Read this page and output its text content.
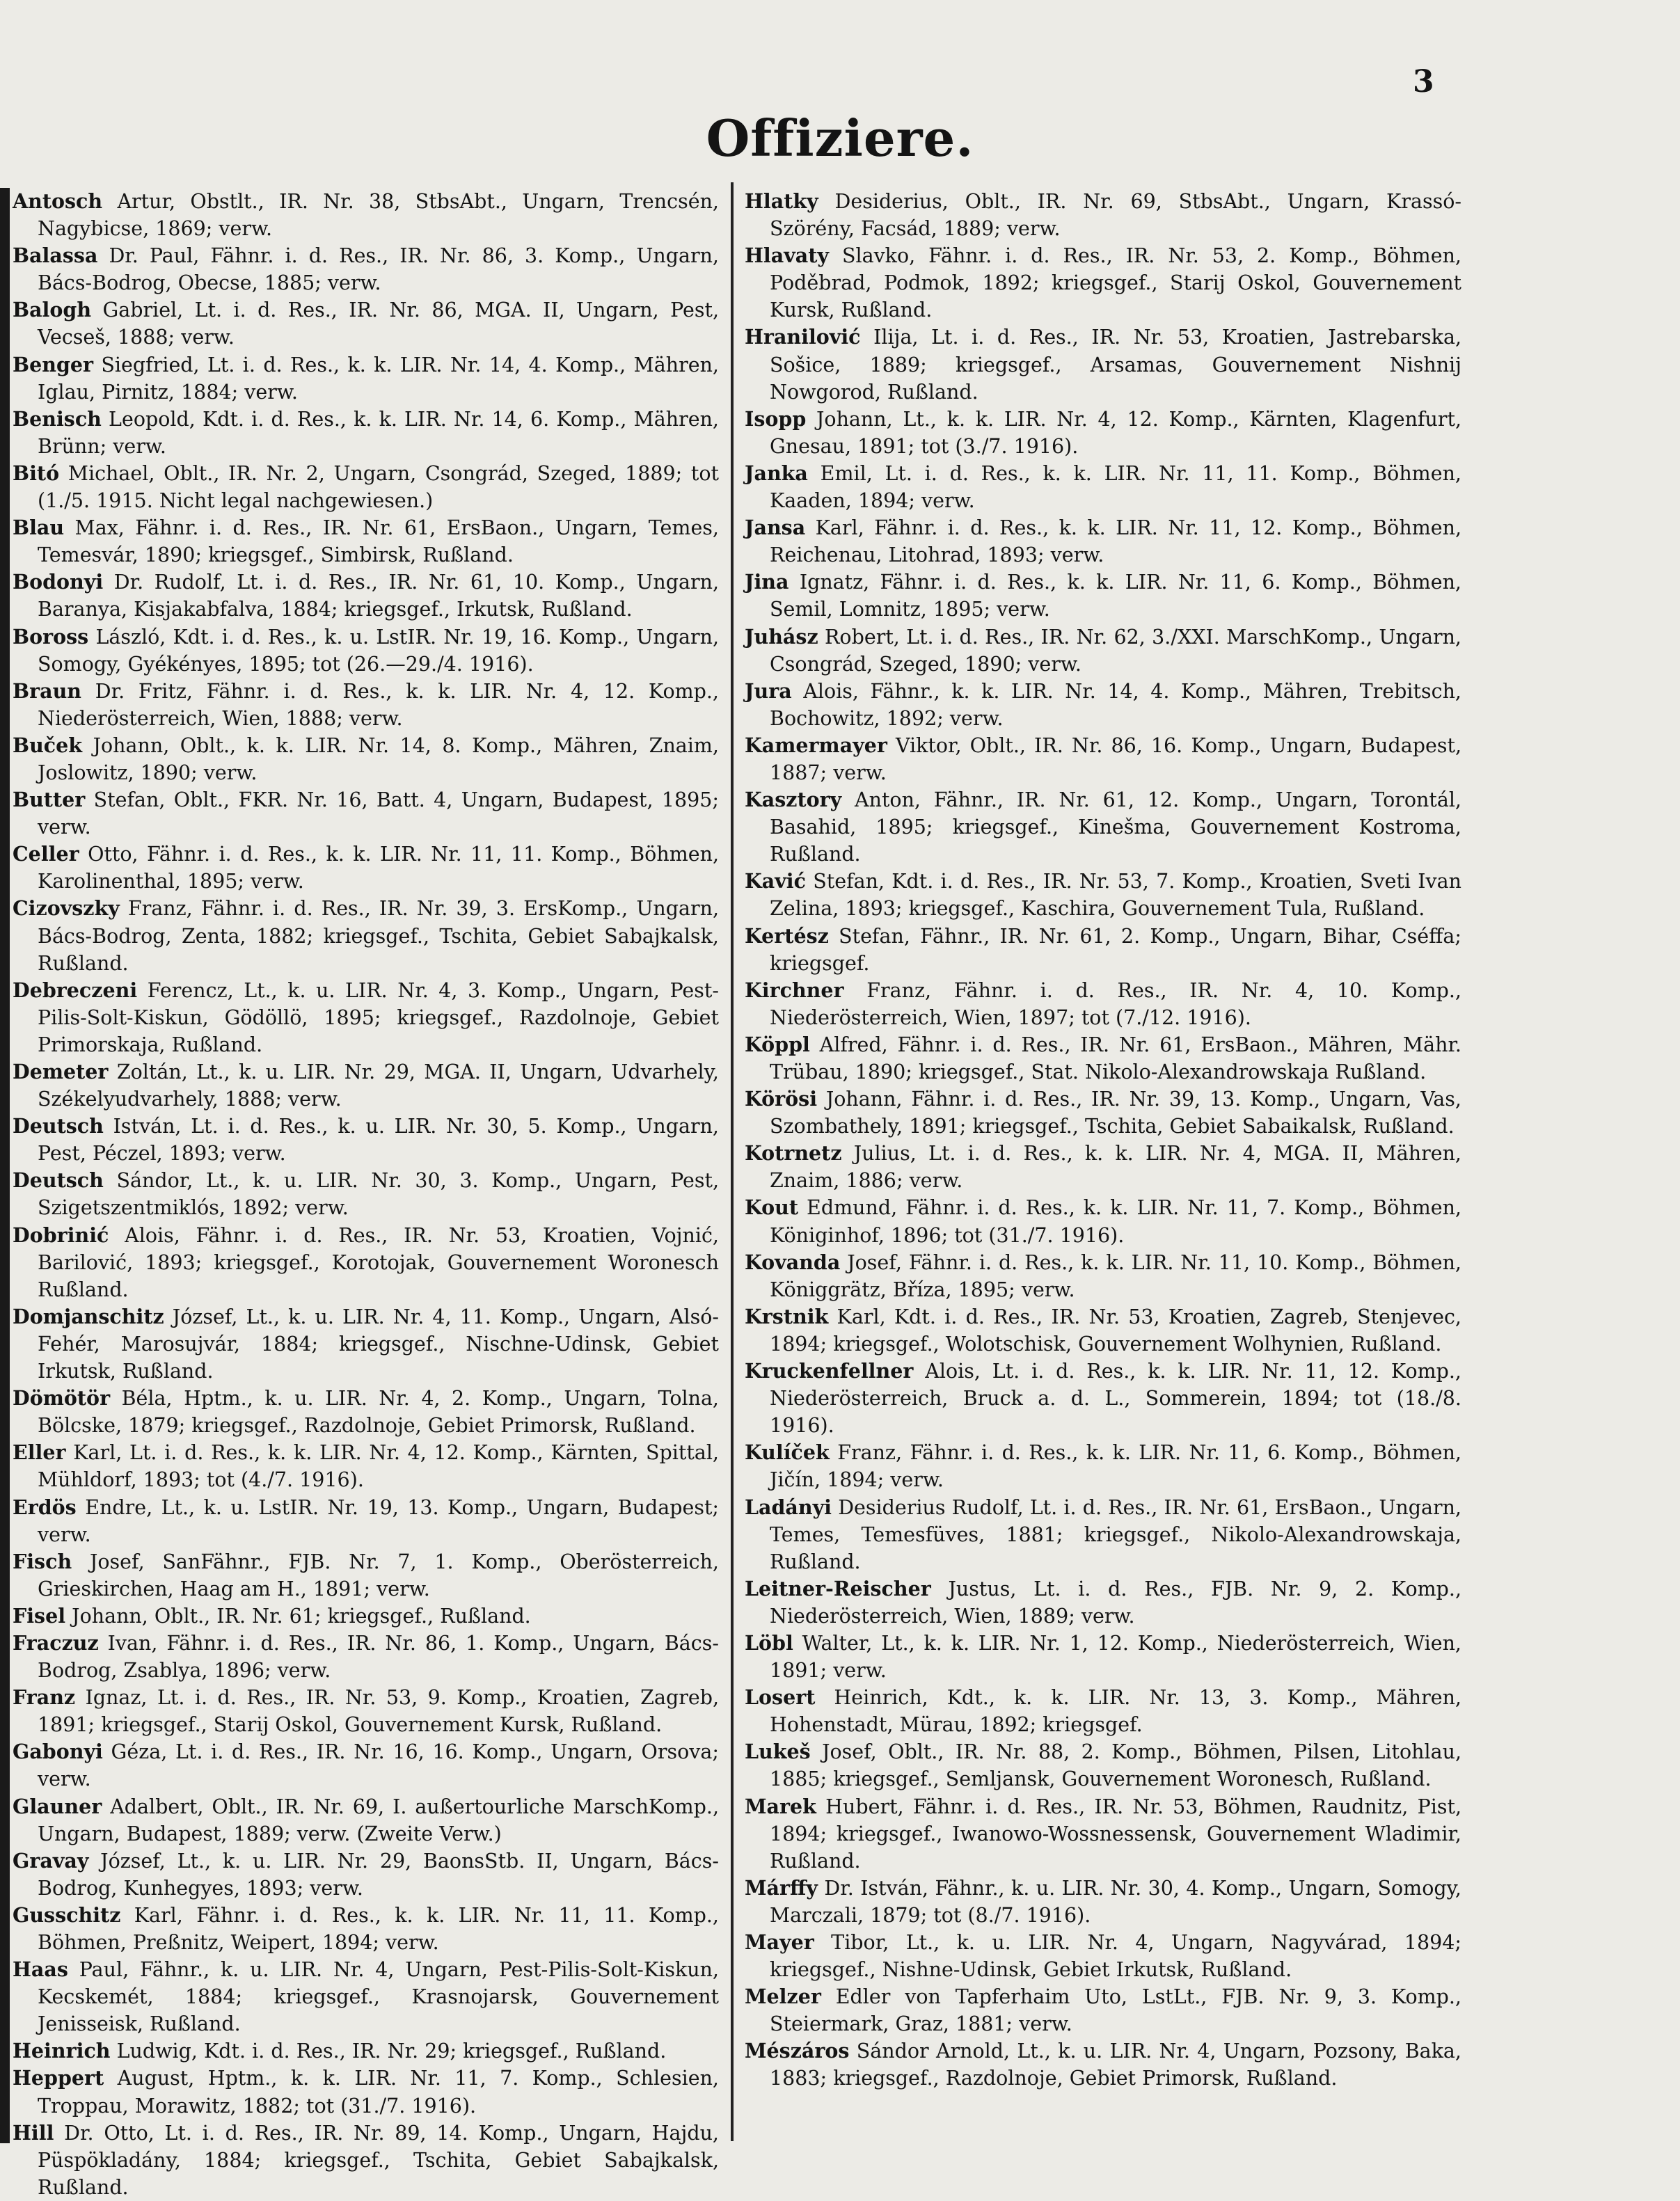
3
Offiziere.
Antosch Artur, Obstlt., IR. Nr. 38, StbsAbt., Ungarn, Trencsén, Nagybicse, 1869; verw.
Balassa Dr. Paul, Fähnr. i. d. Res., IR. Nr. 86, 3. Komp., Ungarn, Bács-Bodrog, Obecse, 1885; verw.
Balogh Gabriel, Lt. i. d. Res., IR. Nr. 86, MGA. II, Ungarn, Pest, Vecseš, 1888; verw.
Benger Siegfried, Lt. i. d. Res., k. k. LIR. Nr. 14, 4. Komp., Mähren, Iglau, Pirnitz, 1884; verw.
Benisch Leopold, Kdt. i. d. Res., k. k. LIR. Nr. 14, 6. Komp., Mähren, Brünn; verw.
Bitó Michael, Oblt., IR. Nr. 2, Ungarn, Csongrád, Szeged, 1889; tot (1./5. 1915. Nicht legal nachgewiesen.)
Blau Max, Fähnr. i. d. Res., IR. Nr. 61, ErsBaon., Ungarn, Temes, Temesvár, 1890; kriegsgef., Simbirsk, Rußland.
Bodonyi Dr. Rudolf, Lt. i. d. Res., IR. Nr. 61, 10. Komp., Ungarn, Baranya, Kisjakabfalva, 1884; kriegsgef., Irkutsk, Rußland.
Boross László, Kdt. i. d. Res., k. u. LstIR. Nr. 19, 16. Komp., Ungarn, Somogy, Gyékényes, 1895; tot (26.—29./4. 1916).
Braun Dr. Fritz, Fähnr. i. d. Res., k. k. LIR. Nr. 4, 12. Komp., Niederösterreich, Wien, 1888; verw.
Buček Johann, Oblt., k. k. LIR. Nr. 14, 8. Komp., Mähren, Znaim, Joslowitz, 1890; verw.
Butter Stefan, Oblt., FKR. Nr. 16, Batt. 4, Ungarn, Budapest, 1895; verw.
Celler Otto, Fähnr. i. d. Res., k. k. LIR. Nr. 11, 11. Komp., Böhmen, Karolinenthal, 1895; verw.
Cizovszky Franz, Fähnr. i. d. Res., IR. Nr. 39, 3. ErsKomp., Ungarn, Bács-Bodrog, Zenta, 1882; kriegsgef., Tschita, Gebiet Sabajkalsk, Rußland.
Debreczeni Ferencz, Lt., k. u. LIR. Nr. 4, 3. Komp., Ungarn, Pest-Pilis-Solt-Kiskun, Gödöllö, 1895; kriegsgef., Razdolnoje, Gebiet Primorskaja, Rußland.
Demeter Zoltán, Lt., k. u. LIR. Nr. 29, MGA. II, Ungarn, Udvarhely, Székelyudvarhely, 1888; verw.
Deutsch István, Lt. i. d. Res., k. u. LIR. Nr. 30, 5. Komp., Ungarn, Pest, Péczel, 1893; verw.
Deutsch Sándor, Lt., k. u. LIR. Nr. 30, 3. Komp., Ungarn, Pest, Szigetszentmiklós, 1892; verw.
Dobrinić Alois, Fähnr. i. d. Res., IR. Nr. 53, Kroatien, Vojnić, Barilović, 1893; kriegsgef., Korotojak, Gouvernement Woronesch Rußland.
Domjanschitz József, Lt., k. u. LIR. Nr. 4, 11. Komp., Ungarn, Alsó-Fehér, Marosujvár, 1884; kriegsgef., Nischne-Udinsk, Gebiet Irkutsk, Rußland.
Dömötör Béla, Hptm., k. u. LIR. Nr. 4, 2. Komp., Ungarn, Tolna, Bölcske, 1879; kriegsgef., Razdolnoje, Gebiet Primorsk, Rußland.
Eller Karl, Lt. i. d. Res., k. k. LIR. Nr. 4, 12. Komp., Kärnten, Spittal, Mühldorf, 1893; tot (4./7. 1916).
Erdös Endre, Lt., k. u. LstIR. Nr. 19, 13. Komp., Ungarn, Budapest; verw.
Fisch Josef, SanFähnr., FJB. Nr. 7, 1. Komp., Oberösterreich, Grieskirchen, Haag am H., 1891; verw.
Fisel Johann, Oblt., IR. Nr. 61; kriegsgef., Rußland.
Fraczuz Ivan, Fähnr. i. d. Res., IR. Nr. 86, 1. Komp., Ungarn, Bács-Bodrog, Zsablya, 1896; verw.
Franz Ignaz, Lt. i. d. Res., IR. Nr. 53, 9. Komp., Kroatien, Zagreb, 1891; kriegsgef., Starij Oskol, Gouvernement Kursk, Rußland.
Gabonyi Géza, Lt. i. d. Res., IR. Nr. 16, 16. Komp., Ungarn, Orsova; verw.
Glauner Adalbert, Oblt., IR. Nr. 69, I. außertourliche MarschKomp., Ungarn, Budapest, 1889; verw. (Zweite Verw.)
Gravay József, Lt., k. u. LIR. Nr. 29, BaonsStb. II, Ungarn, Bács-Bodrog, Kunhegyes, 1893; verw.
Gusschitz Karl, Fähnr. i. d. Res., k. k. LIR. Nr. 11, 11. Komp., Böhmen, Preßnitz, Weipert, 1894; verw.
Haas Paul, Fähnr., k. u. LIR. Nr. 4, Ungarn, Pest-Pilis-Solt-Kiskun, Kecskemét, 1884; kriegsgef., Krasnojarsk, Gouvernement Jenisseisk, Rußland.
Heinrich Ludwig, Kdt. i. d. Res., IR. Nr. 29; kriegsgef., Rußland.
Heppert August, Hptm., k. k. LIR. Nr. 11, 7. Komp., Schlesien, Troppau, Morawitz, 1882; tot (31./7. 1916).
Hill Dr. Otto, Lt. i. d. Res., IR. Nr. 89, 14. Komp., Ungarn, Hajdu, Püspökladány, 1884; kriegsgef., Tschita, Gebiet Sabajkalsk, Rußland.
Hlatky Desiderius, Oblt., IR. Nr. 69, StbsAbt., Ungarn, Krassó-Szörény, Facsád, 1889; verw.
Hlavaty Slavko, Fähnr. i. d. Res., IR. Nr. 53, 2. Komp., Böhmen, Poděbrad, Podmok, 1892; kriegsgef., Starij Oskol, Gouvernement Kursk, Rußland.
Hranilović Ilija, Lt. i. d. Res., IR. Nr. 53, Kroatien, Jastrebarska, Sošice, 1889; kriegsgef., Arsamas, Gouvernement Nishnij Nowgorod, Rußland.
Isopp Johann, Lt., k. k. LIR. Nr. 4, 12. Komp., Kärnten, Klagenfurt, Gnesau, 1891; tot (3./7. 1916).
Janka Emil, Lt. i. d. Res., k. k. LIR. Nr. 11, 11. Komp., Böhmen, Kaaden, 1894; verw.
Jansa Karl, Fähnr. i. d. Res., k. k. LIR. Nr. 11, 12. Komp., Böhmen, Reichenau, Litohrad, 1893; verw.
Jina Ignatz, Fähnr. i. d. Res., k. k. LIR. Nr. 11, 6. Komp., Böhmen, Semil, Lomnitz, 1895; verw.
Juhász Robert, Lt. i. d. Res., IR. Nr. 62, 3./XXI. MarschKomp., Ungarn, Csongrád, Szeged, 1890; verw.
Jura Alois, Fähnr., k. k. LIR. Nr. 14, 4. Komp., Mähren, Trebitsch, Bochowitz, 1892; verw.
Kamermayer Viktor, Oblt., IR. Nr. 86, 16. Komp., Ungarn, Budapest, 1887; verw.
Kasztory Anton, Fähnr., IR. Nr. 61, 12. Komp., Ungarn, Torontál, Basahid, 1895; kriegsgef., Kinešma, Gouvernement Kostroma, Rußland.
Kavić Stefan, Kdt. i. d. Res., IR. Nr. 53, 7. Komp., Kroatien, Sveti Ivan Zelina, 1893; kriegsgef., Kaschira, Gouvernement Tula, Rußland.
Kertész Stefan, Fähnr., IR. Nr. 61, 2. Komp., Ungarn, Bihar, Cséffa; kriegsgef.
Kirchner Franz, Fähnr. i. d. Res., IR. Nr. 4, 10. Komp., Niederösterreich, Wien, 1897; tot (7./12. 1916).
Köppl Alfred, Fähnr. i. d. Res., IR. Nr. 61, ErsBaon., Mähren, Mähr. Trübau, 1890; kriegsgef., Stat. Nikolo-Alexandrowskaja Rußland.
Körösi Johann, Fähnr. i. d. Res., IR. Nr. 39, 13. Komp., Ungarn, Vas, Szombathely, 1891; kriegsgef., Tschita, Gebiet Sabaikalsk, Rußland.
Kotrnetz Julius, Lt. i. d. Res., k. k. LIR. Nr. 4, MGA. II, Mähren, Znaim, 1886; verw.
Kout Edmund, Fähnr. i. d. Res., k. k. LIR. Nr. 11, 7. Komp., Böhmen, Königinhof, 1896; tot (31./7. 1916).
Kovanda Josef, Fähnr. i. d. Res., k. k. LIR. Nr. 11, 10. Komp., Böhmen, Königgrätz, Bříza, 1895; verw.
Krstnik Karl, Kdt. i. d. Res., IR. Nr. 53, Kroatien, Zagreb, Stenjevec, 1894; kriegsgef., Wolotschisk, Gouvernement Wolhynien, Rußland.
Kruckenfellner Alois, Lt. i. d. Res., k. k. LIR. Nr. 11, 12. Komp., Niederösterreich, Bruck a. d. L., Sommerein, 1894; tot (18./8. 1916).
Kulíček Franz, Fähnr. i. d. Res., k. k. LIR. Nr. 11, 6. Komp., Böhmen, Jičín, 1894; verw.
Ladányi Desiderius Rudolf, Lt. i. d. Res., IR. Nr. 61, ErsBaon., Ungarn, Temes, Temesfüves, 1881; kriegsgef., Nikolo-Alexandrowskaja, Rußland.
Leitner-Reischer Justus, Lt. i. d. Res., FJB. Nr. 9, 2. Komp., Niederösterreich, Wien, 1889; verw.
Löbl Walter, Lt., k. k. LIR. Nr. 1, 12. Komp., Niederösterreich, Wien, 1891; verw.
Losert Heinrich, Kdt., k. k. LIR. Nr. 13, 3. Komp., Mähren, Hohenstadt, Mürau, 1892; kriegsgef.
Lukeš Josef, Oblt., IR. Nr. 88, 2. Komp., Böhmen, Pilsen, Litohlau, 1885; kriegsgef., Semljansk, Gouvernement Woronesch, Rußland.
Marek Hubert, Fähnr. i. d. Res., IR. Nr. 53, Böhmen, Raudnitz, Pist, 1894; kriegsgef., Iwanowo-Wossnessensk, Gouvernement Wladimir, Rußland.
Márffy Dr. István, Fähnr., k. u. LIR. Nr. 30, 4. Komp., Ungarn, Somogy, Marczali, 1879; tot (8./7. 1916).
Mayer Tibor, Lt., k. u. LIR. Nr. 4, Ungarn, Nagyvárad, 1894; kriegsgef., Nishne-Udinsk, Gebiet Irkutsk, Rußland.
Melzer Edler von Tapferhaim Uto, LstLt., FJB. Nr. 9, 3. Komp., Steiermark, Graz, 1881; verw.
Mészáros Sándor Arnold, Lt., k. u. LIR. Nr. 4, Ungarn, Pozsony, Baka, 1883; kriegsgef., Razdolnoje, Gebiet Primorsk, Rußland.
